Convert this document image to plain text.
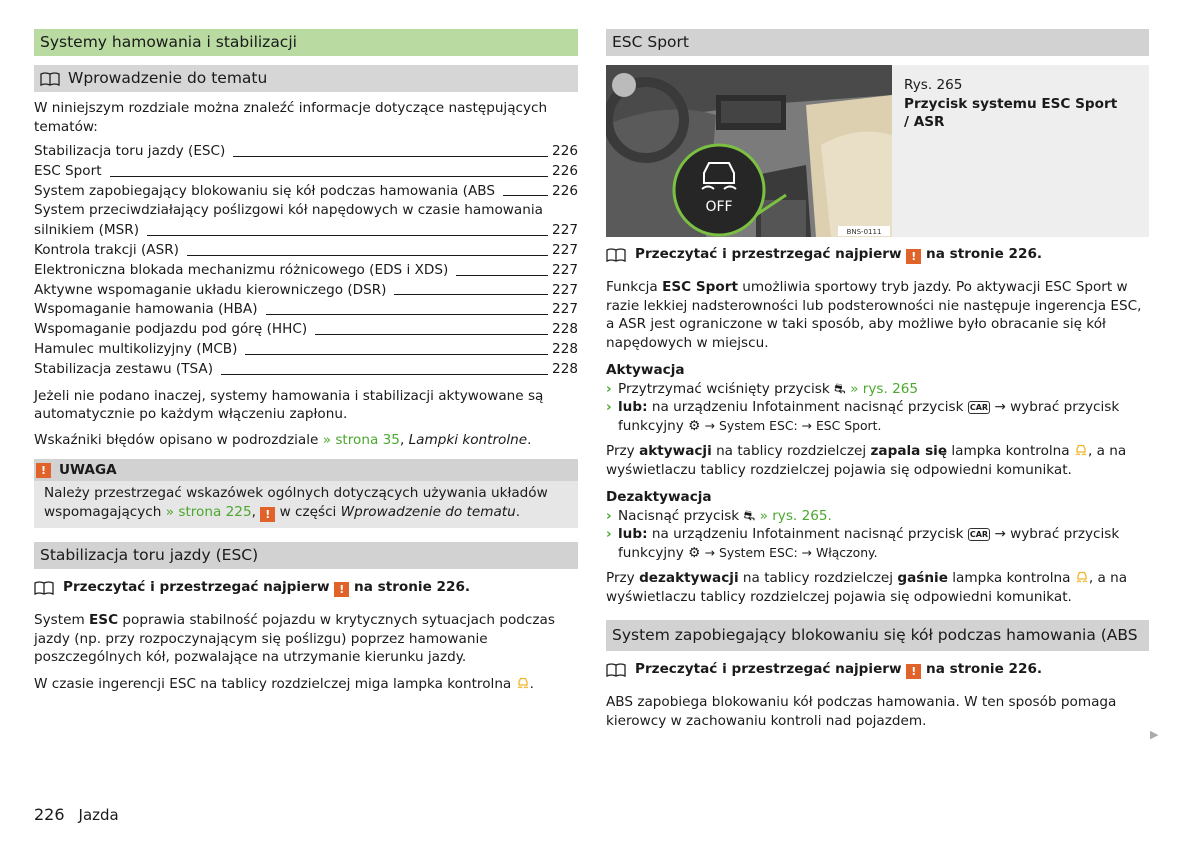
Systemy hamowania i stabilizacji
Wprowadzenie do tematu

W niniejszym rozdziale można znaleźć informacje dotyczące następujących tematów:

Stabilizacja toru jazdy (ESC)	226
ESC Sport	226
System zapobiegający blokowaniu się kół podczas hamowania (ABS	226
System przeciwdziałający poślizgowi kół napędowych w czasie hamowania
silnikiem (MSR)	227
Kontrola trakcji (ASR)	227
Elektroniczna blokada mechanizmu różnicowego (EDS i XDS)	227
Aktywne wspomaganie układu kierowniczego (DSR)	227
Wspomaganie hamowania (HBA)	227
Wspomaganie podjazdu pod górę (HHC)	228
Hamulec multikolizyjny (MCB)	228
Stabilizacja zestawu (TSA)	228

Jeżeli nie podano inaczej, systemy hamowania i stabilizacji aktywowane są automatycznie po każdym włączeniu zapłonu.

Wskaźniki błędów opisano w podrozdziale » strona 35, Lampki kontrolne.

! UWAGA

Należy przestrzegać wskazówek ogólnych dotyczących używania układów wspomagających » strona 225, ! w części Wprowadzenie do tematu.

Stabilizacja toru jazdy (ESC)
Przeczytać i przestrzegać najpierw ! na stronie 226.

System ESC poprawia stabilność pojazdu w krytycznych sytuacjach podczas jazdy (np. przy rozpoczynającym się poślizgu) poprzez hamowanie poszczególnych kół, pozwalające na utrzymanie kierunku jazdy.

W czasie ingerencji ESC na tablicy rozdzielczej miga lampka kontrolna .

ESC Sport
OFF
BNS-0111
Rys. 265
Przycisk systemu ESC Sport / ASR
Przeczytać i przestrzegać najpierw ! na stronie 226.

Funkcja ESC Sport umożliwia sportowy tryb jazdy. Po aktywacji ESC Sport w razie lekkiej nadsterowności lub podsterowności nie następuje ingerencja ESC, a ASR jest ograniczone w taki sposób, aby możliwe było obracanie się kół napędowych w miejscu.

Aktywacja
› Przytrzymać wciśnięty przycisk ⛐ » rys. 265
› lub: na urządzeniu Infotainment nacisnąć przycisk CAR → wybrać przycisk funkcyjny ⚙ → System ESC: → ESC Sport.

Przy aktywacji na tablicy rozdzielczej zapala się lampka kontrolna , a na wyświetlaczu tablicy rozdzielczej pojawia się odpowiedni komunikat.

Dezaktywacja
› Nacisnąć przycisk ⛐ » rys. 265.
› lub: na urządzeniu Infotainment nacisnąć przycisk CAR → wybrać przycisk funkcyjny ⚙ → System ESC: → Włączony.

Przy dezaktywacji na tablicy rozdzielczej gaśnie lampka kontrolna , a na wyświetlaczu tablicy rozdzielczej pojawia się odpowiedni komunikat.

System zapobiegający blokowaniu się kół podczas hamowania (ABS
Przeczytać i przestrzegać najpierw ! na stronie 226.

ABS zapobiega blokowaniu kół podczas hamowania. W ten sposób pomaga kierowcy w zachowaniu kontroli nad pojazdem.

▶
226 Jazda
